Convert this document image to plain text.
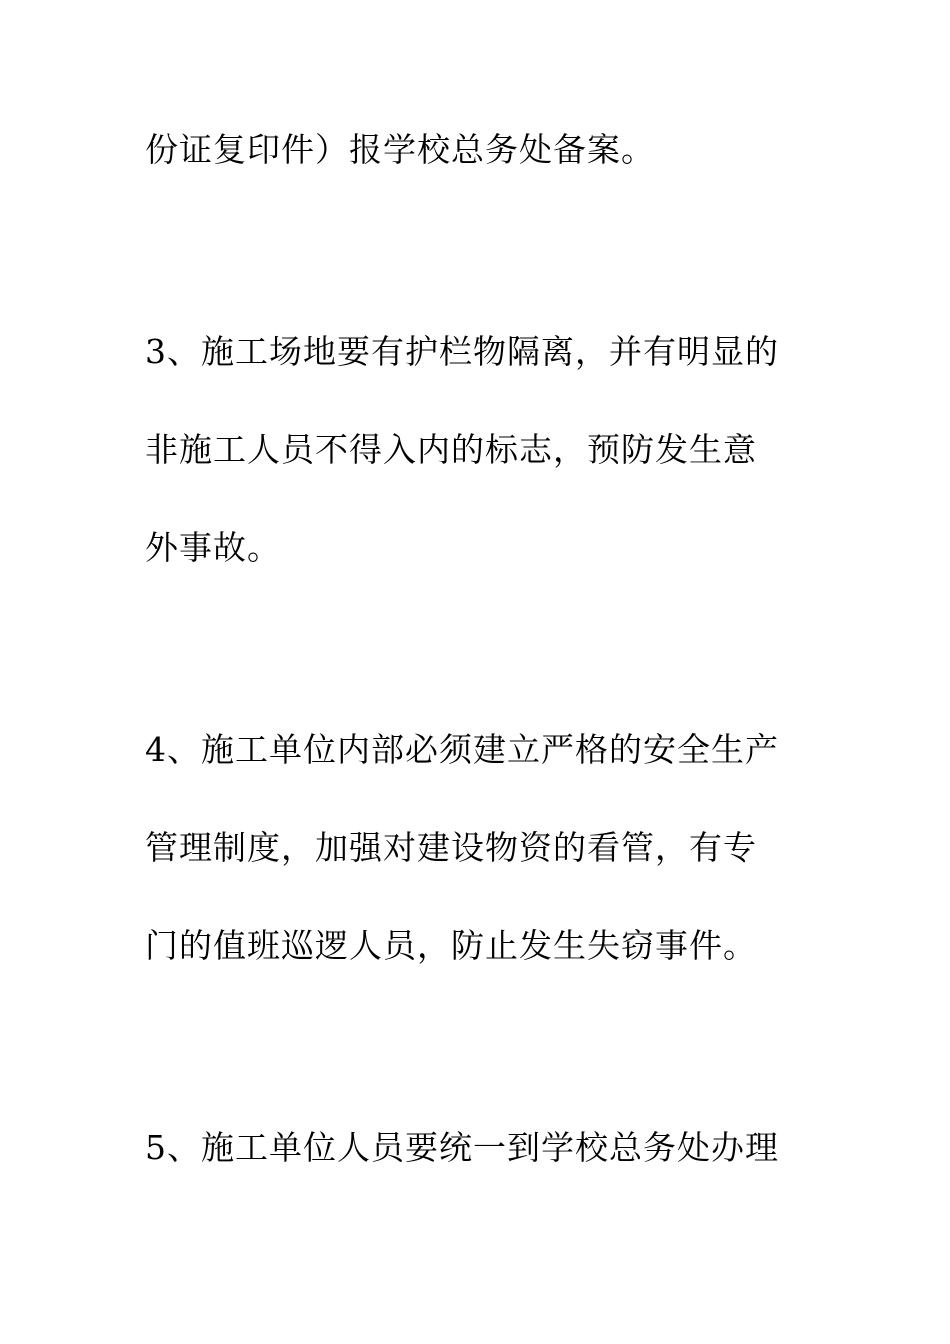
份证复印件）报学校总务处备案。
3、施工场地要有护栏物隔离，并有明显的
非施工人员不得入内的标志，预防发生意
外事故。
4、施工单位内部必须建立严格的安全生产
管理制度，加强对建设物资的看管，有专
门的值班巡逻人员，防止发生失窃事件。
5、施工单位人员要统一到学校总务处办理
